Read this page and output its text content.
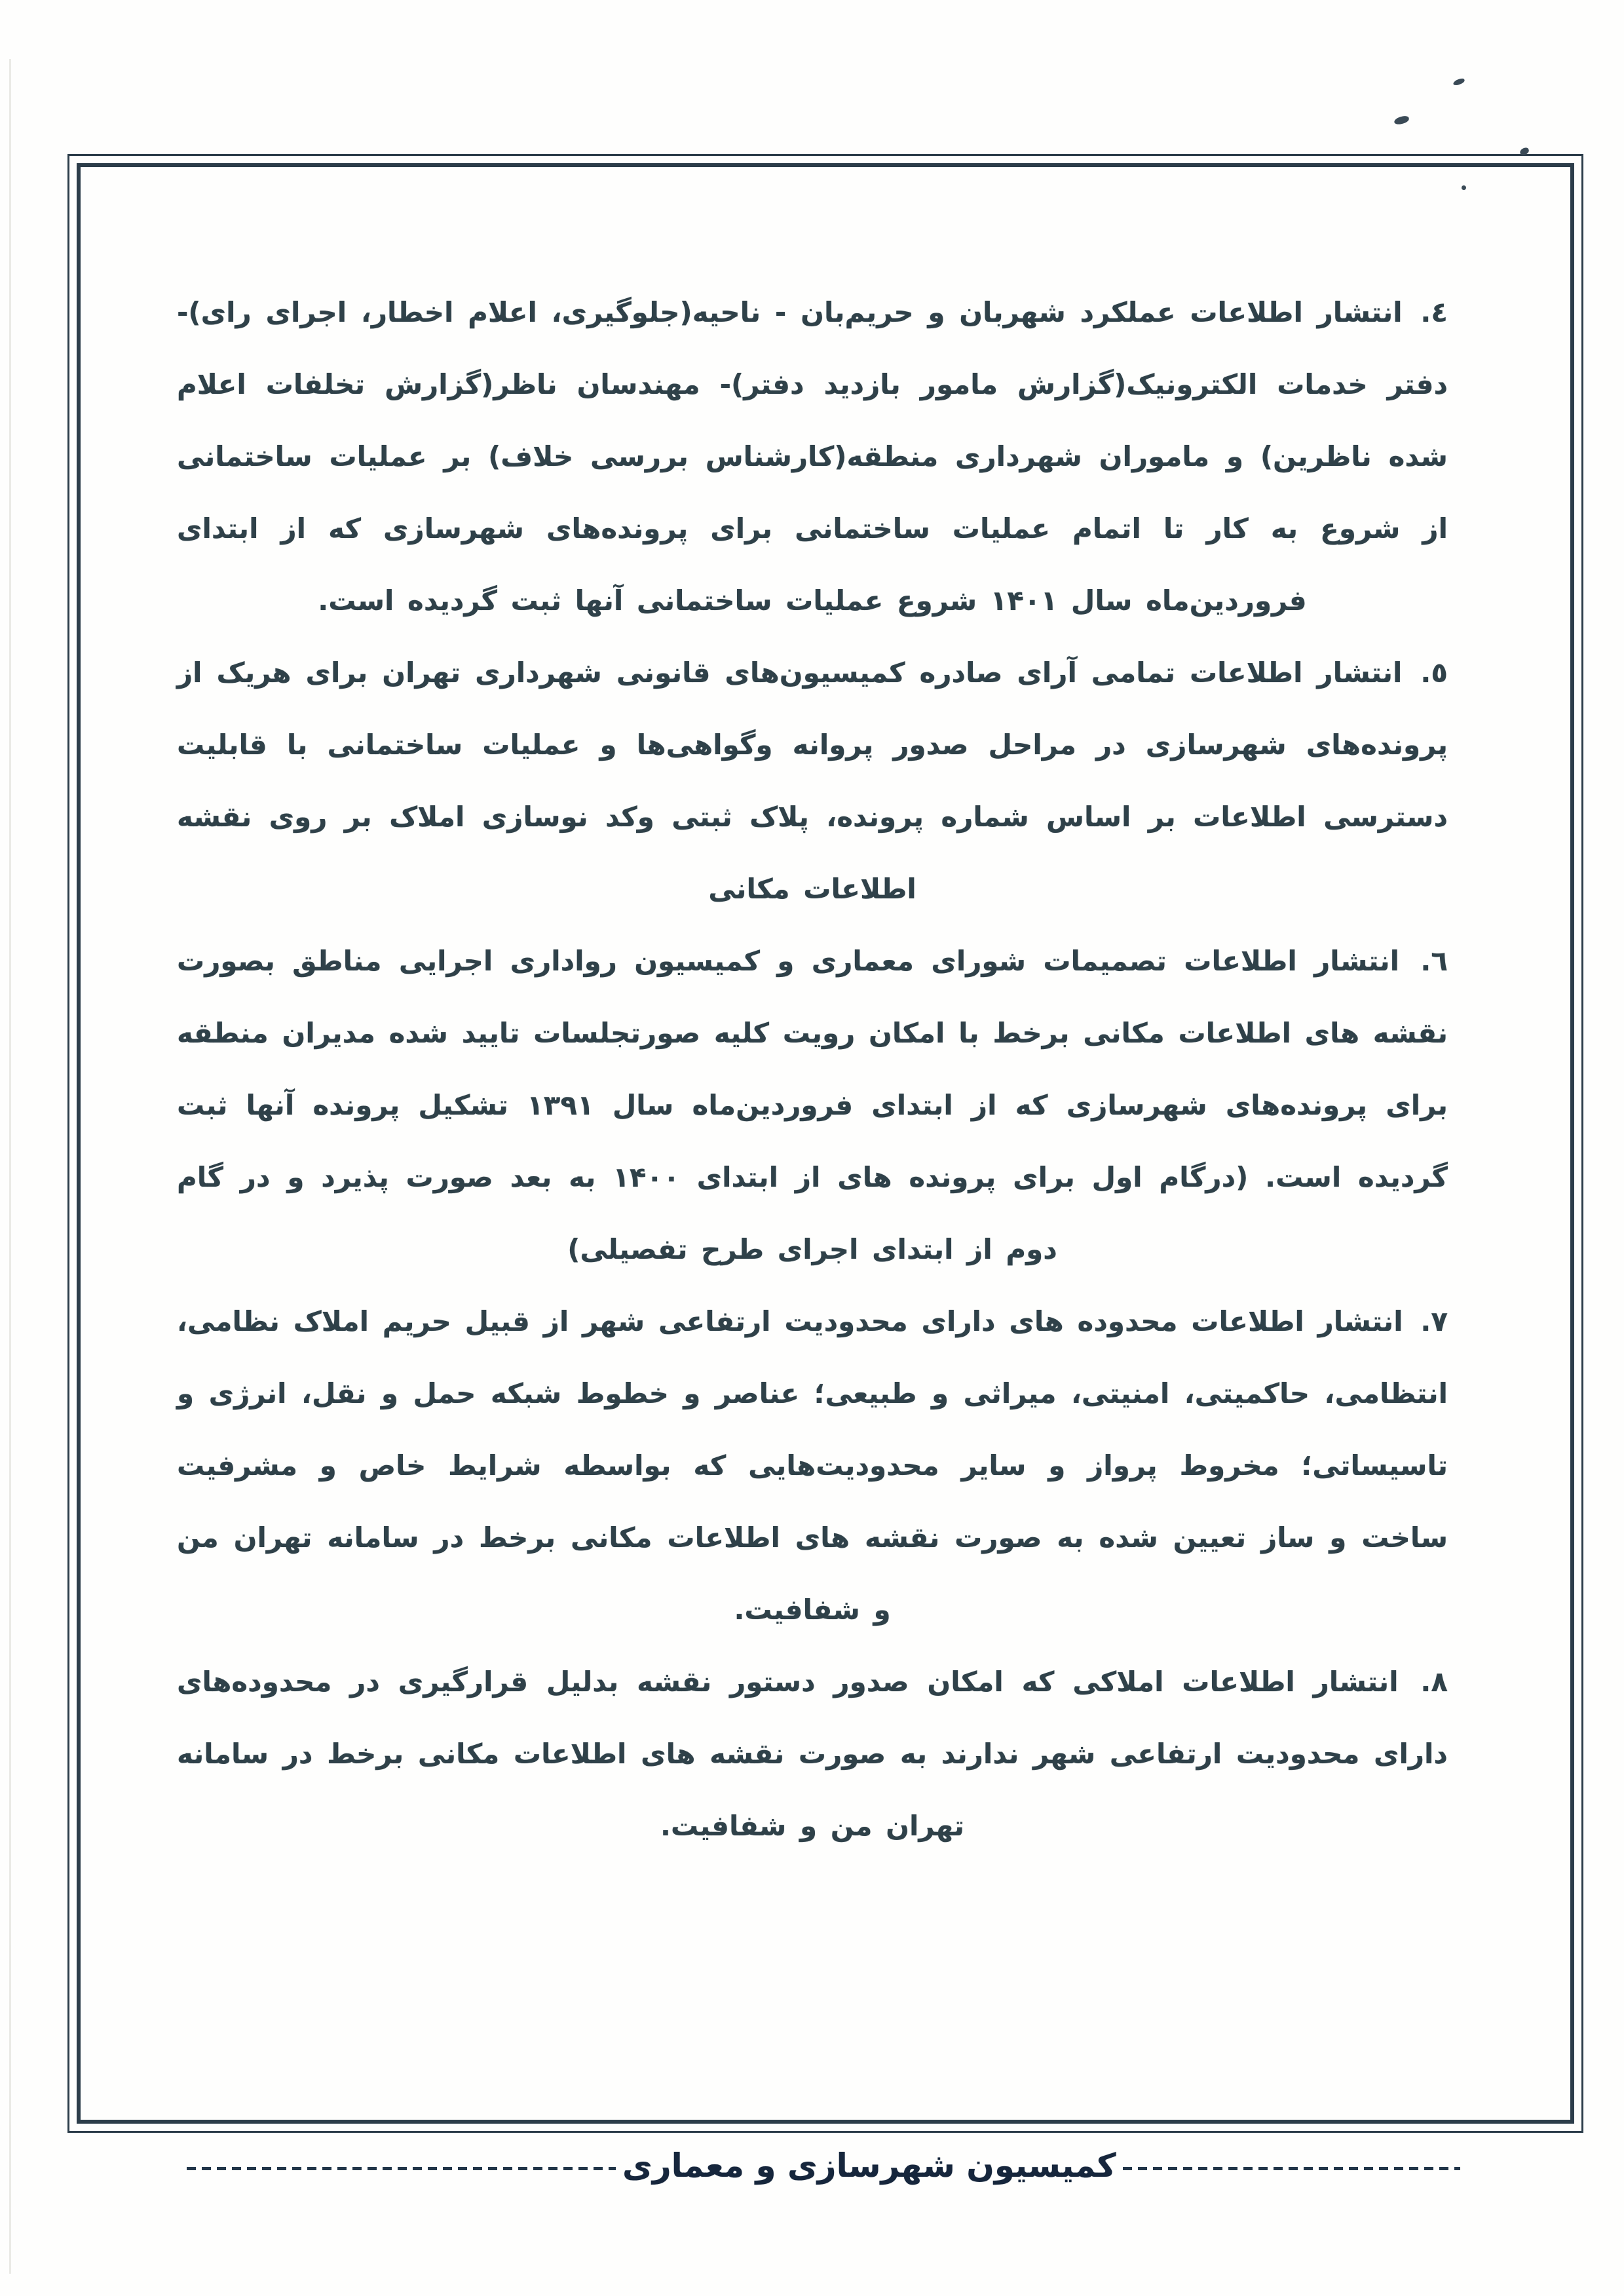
٤. انتشار اطلاعات عملکرد شهربان و حریم‌بان - ناحیه(جلوگیری، اعلام اخطار، اجرای رای)- دفتر خدمات الکترونیک(گزارش مامور بازدید دفتر)- مهندسان ناظر(گزارش تخلفات اعلام شده ناظرین) و ماموران شهرداری منطقه(کارشناس بررسی خلاف) بر عملیات ساختمانی از شروع به کار تا اتمام عملیات ساختمانی برای پرونده‌های شهرسازی که از ابتدای فروردین‌ماه سال ۱۴۰۱ شروع عملیات ساختمانی آنها ثبت گردیده است.

٥. انتشار اطلاعات تمامی آرای صادره کمیسیون‌های قانونی شهرداری تهران برای هریک از پرونده‌های شهرسازی در مراحل صدور پروانه وگواهی‌ها و عملیات ساختمانی با قابلیت دسترسی اطلاعات بر اساس شماره پرونده، پلاک ثبتی وکد نوسازی املاک بر روی نقشه اطلاعات مکانی

٦. انتشار اطلاعات تصمیمات شورای معماری و کمیسیون رواداری اجرایی مناطق بصورت نقشه های اطلاعات مکانی برخط با امکان رویت کلیه صورتجلسات تایید شده مدیران منطقه برای پرونده‌های شهرسازی که از ابتدای فروردین‌ماه سال ۱۳۹۱ تشکیل پرونده آنها ثبت گردیده است. (درگام اول برای پرونده های از ابتدای ۱۴۰۰ به بعد صورت پذیرد و در گام دوم از ابتدای اجرای طرح تفصیلی)

٧. انتشار اطلاعات محدوده های دارای محدودیت ارتفاعی شهر از قبیل حریم املاک نظامی، انتظامی، حاکمیتی، امنیتی، میراثی و طبیعی؛ عناصر و خطوط شبکه حمل و نقل، انرژی و تاسیساتی؛ مخروط پرواز و سایر محدودیت‌هایی که بواسطه شرایط خاص و مشرفیت ساخت و ساز تعیین شده به صورت نقشه های اطلاعات مکانی برخط در سامانه تهران من و شفافیت.

٨. انتشار اطلاعات املاکی که امکان صدور دستور نقشه بدلیل قرارگیری در محدوده‌های دارای محدودیت ارتفاعی شهر ندارند به صورت نقشه های اطلاعات مکانی برخط در سامانه تهران من و شفافیت.

کمیسیون شهرسازی و معماری
